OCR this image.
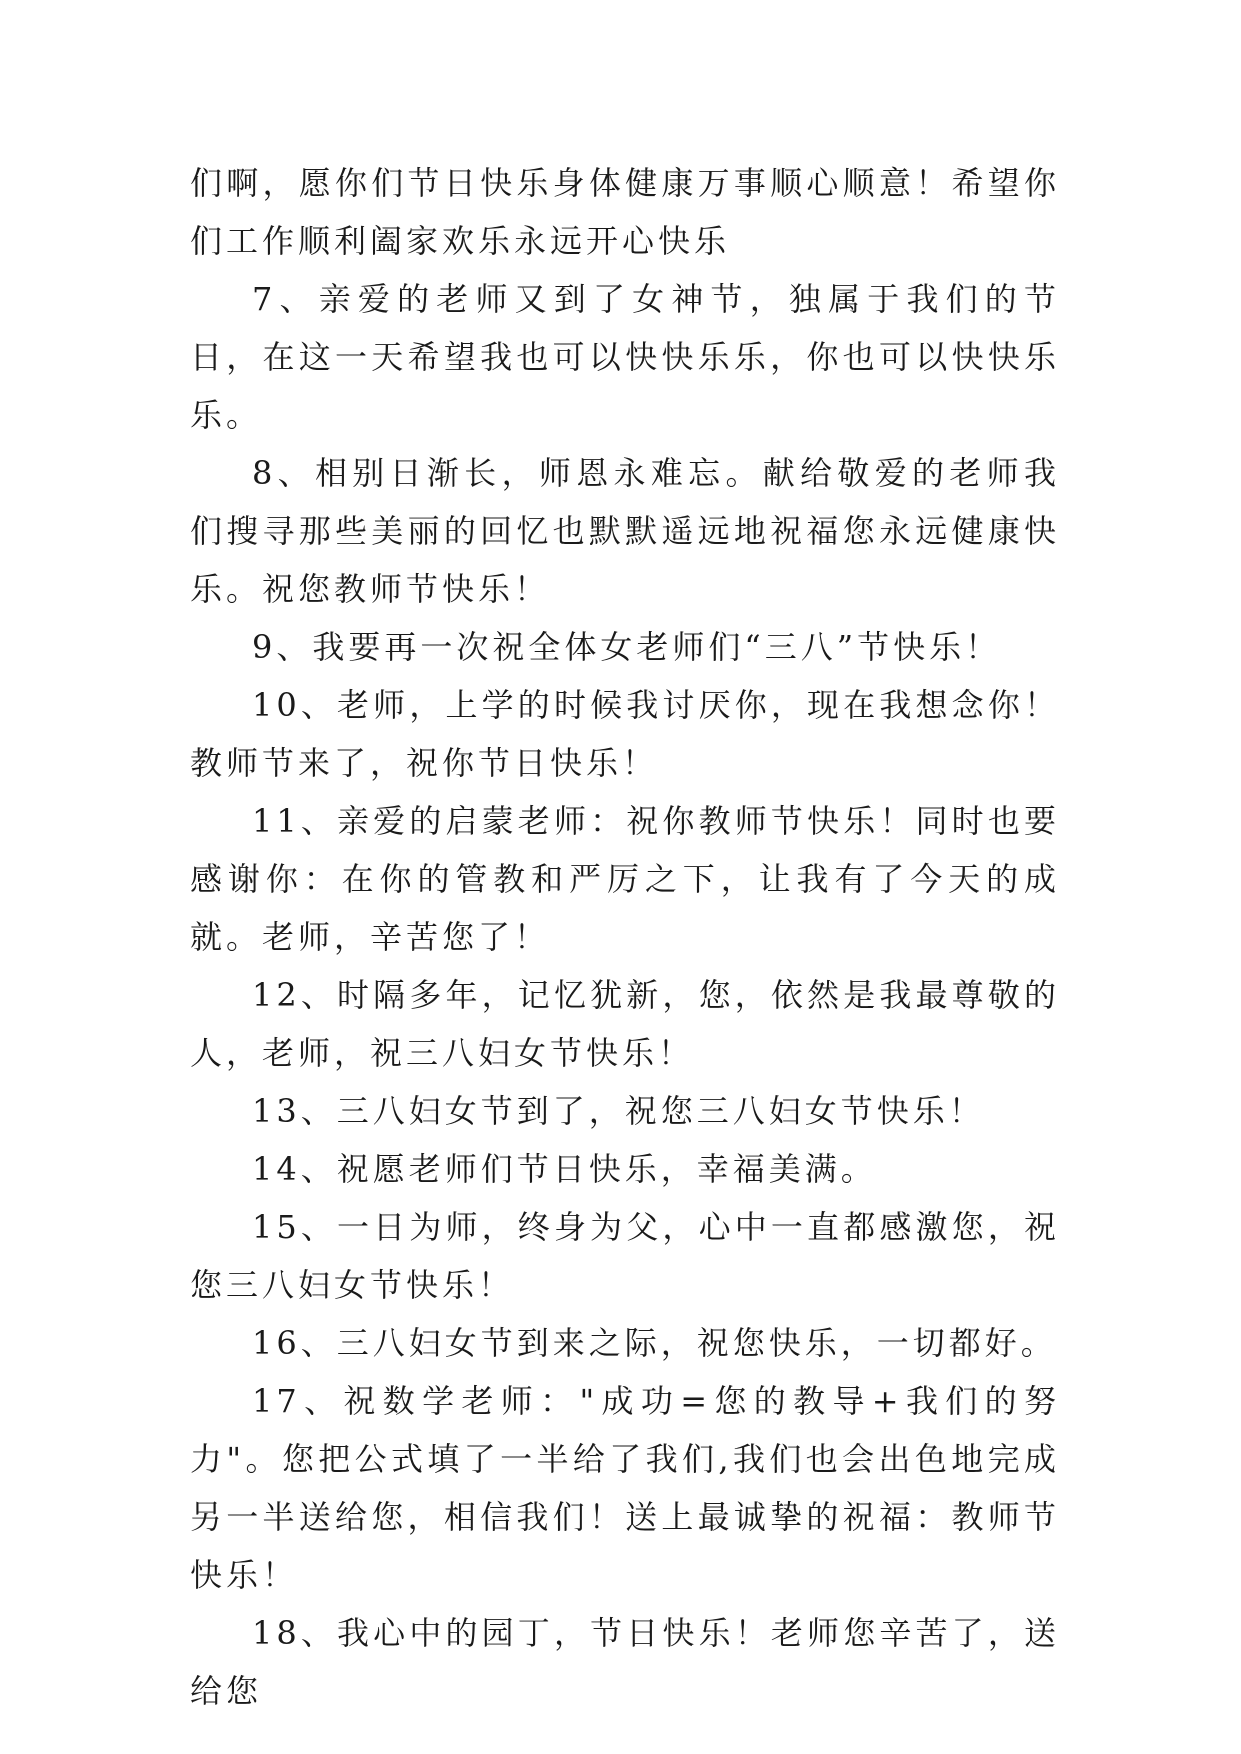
们啊，愿你们节日快乐身体健康万事顺心顺意！希望你们工作顺利阖家欢乐永远开心快乐

7、亲爱的老师又到了女神节，独属于我们的节日，在这一天希望我也可以快快乐乐，你也可以快快乐乐。

8、相别日渐长，师恩永难忘。献给敬爱的老师我们搜寻那些美丽的回忆也默默遥远地祝福您永远健康快乐。祝您教师节快乐！

9、我要再一次祝全体女老师们“三八”节快乐！

10、老师，上学的时候我讨厌你，现在我想念你！教师节来了，祝你节日快乐！

11、亲爱的启蒙老师：祝你教师节快乐！同时也要感谢你：在你的管教和严厉之下，让我有了今天的成就。老师，辛苦您了！

12、时隔多年，记忆犹新，您，依然是我最尊敬的人，老师，祝三八妇女节快乐！

13、三八妇女节到了，祝您三八妇女节快乐！

14、祝愿老师们节日快乐，幸福美满。

15、一日为师，终身为父，心中一直都感激您，祝您三八妇女节快乐！

16、三八妇女节到来之际，祝您快乐，一切都好。

17、祝数学老师："成功=您的教导+我们的努力"。您把公式填了一半给了我们,我们也会出色地完成另一半送给您，相信我们！送上最诚挚的祝福：教师节快乐！

18、我心中的园丁，节日快乐！老师您辛苦了，送给您
